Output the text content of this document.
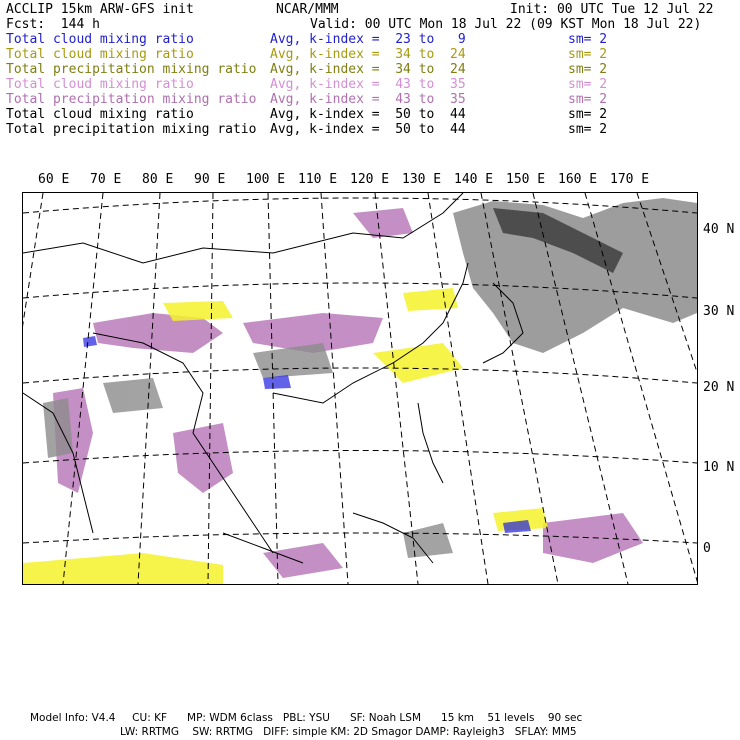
ACCLIP 15km ARW-GFS init	NCAR/MMM	Init: 00 UTC Tue 12 Jul 22
Fcst:  144 h	Valid: 00 UTC Mon 18 Jul 22 (09 KST Mon 18 Jul 22)
Total cloud mixing ratio	Avg, k-index =  23 to   9	sm= 2
Total cloud mixing ratio	Avg, k-index =  34 to  24	sm= 2
Total precipitation mixing ratio Avg, k-index =  34 to  24	sm= 2
Total cloud mixing ratio	Avg, k-index =  43 to  35	sm= 2
Total precipitation mixing ratio Avg, k-index =  43 to  35	sm= 2
Total cloud mixing ratio	Avg, k-index =  50 to  44	sm= 2
Total precipitation mixing ratio Avg, k-index =  50 to  44	sm= 2
60 E 70 E 80 E 90 E 100 E 110 E 120 E 130 E 140 E 150 E 160 E 170 E
40 N
30 N
20 N
10 N
0
Model Info: V4.4     CU: KF      MP: WDM 6class   PBL: YSU      SF: Noah LSM      15 km    51 levels    90 sec
LW: RRTMG    SW: RRTMG   DIFF: simple KM: 2D Smagor DAMP: Rayleigh3   SFLAY: MM5
